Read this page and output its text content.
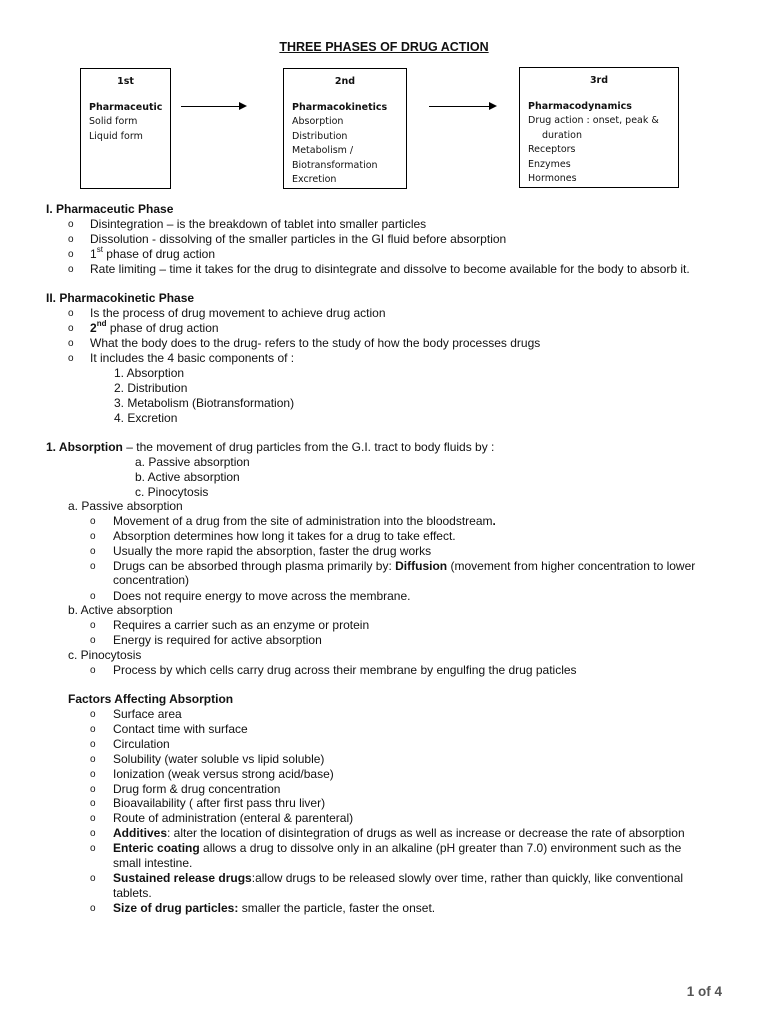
THREE PHASES OF DRUG ACTION
1st
Pharmaceutic
Solid form
Liquid form
2nd
Pharmacokinetics
Absorption
Distribution
Metabolism /
Biotransformation
Excretion
3rd
Pharmacodynamics
Drug action : onset, peak &
duration
Receptors
Enzymes
Hormones
I. Pharmaceutic Phase
o Disintegration – is the breakdown of tablet into smaller particles
o Dissolution - dissolving of the smaller particles in the GI fluid before absorption
o 1st phase of drug action
o Rate limiting – time it takes for the drug to disintegrate and dissolve to become available for the body to absorb it.
II. Pharmacokinetic Phase
o Is the process of drug movement to achieve drug action
o 2nd phase of drug action
o What the body does to the drug- refers to the study of how the body processes drugs
o It includes the 4 basic components of :
1. Absorption
2. Distribution
3. Metabolism (Biotransformation)
4. Excretion
1. Absorption – the movement of drug particles from the G.I. tract to body fluids by :
a. Passive absorption
b. Active absorption
c. Pinocytosis
a. Passive absorption
o Movement of a drug from the site of administration into the bloodstream.
o Absorption determines how long it takes for a drug to take effect.
o Usually the more rapid the absorption, faster the drug works
o Drugs can be absorbed through plasma primarily by: Diffusion (movement from higher concentration to lower
concentration)
o Does not require energy to move across the membrane.
b. Active absorption
o Requires a carrier such as an enzyme or protein
o Energy is required for active absorption
c. Pinocytosis
o Process by which cells carry drug across their membrane by engulfing the drug paticles
Factors Affecting Absorption
o Surface area
o Contact time with surface
o Circulation
o Solubility (water soluble vs lipid soluble)
o Ionization (weak versus strong acid/base)
o Drug form & drug concentration
o Bioavailability ( after first pass thru liver)
o Route of administration (enteral & parenteral)
o Additives: alter the location of disintegration of drugs as well as increase or decrease the rate of absorption
o Enteric coating allows a drug to dissolve only in an alkaline (pH greater than 7.0) environment such as the
small intestine.
o Sustained release drugs:allow drugs to be released slowly over time, rather than quickly, like conventional
tablets.
o Size of drug particles: smaller the particle, faster the onset.
1 of 4
